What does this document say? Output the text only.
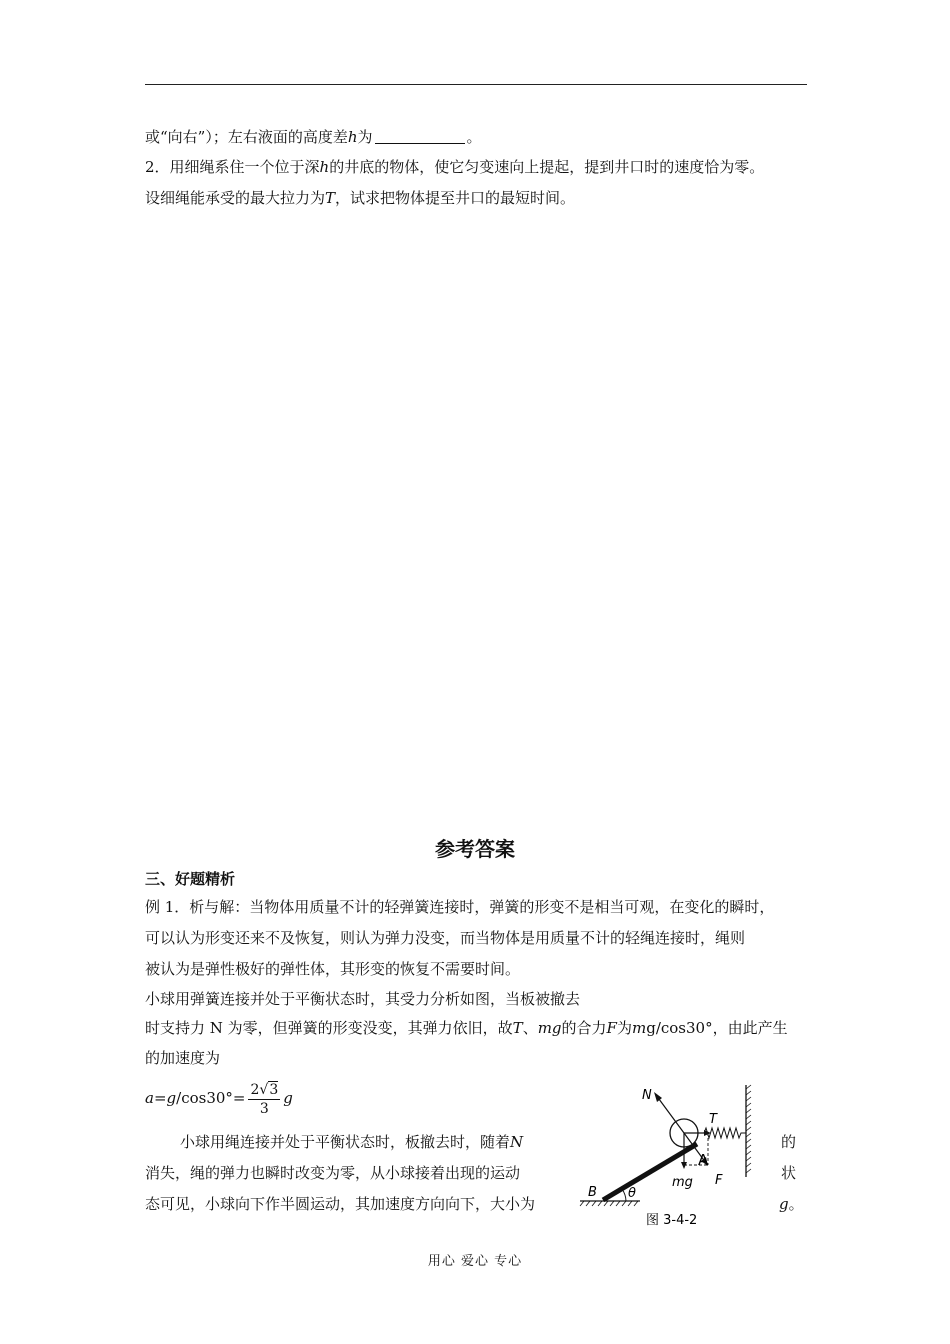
或“向右”）；左右液面的高度差h为	。
2．用细绳系住一个位于深h的井底的物体，使它匀变速向上提起，提到井口时的速度恰为零。
设细绳能承受的最大拉力为T，试求把物体提至井口的最短时间。
参考答案
三、好题精析
例 1．析与解：当物体用质量不计的轻弹簧连接时，弹簧的形变不是相当可观，在变化的瞬时，
可以认为形变还来不及恢复，则认为弹力没变，而当物体是用质量不计的轻绳连接时，绳则
被认为是弹性极好的弹性体，其形变的恢复不需要时间。
小球用弹簧连接并处于平衡状态时，其受力分析如图，当板被撤去
时支持力 N 为零，但弹簧的形变没变，其弹力依旧，故T、mg的合力F为mg/cos30°，由此产生
的加速度为
$a=g/\cos 30^\circ= \frac{2√3}{3}$ g
小球用绳连接并处于平衡状态时，板撤去时，随着N	的
消失，绳的弹力也瞬时改变为零，从小球接着出现的运动	状
态可见，小球向下作半圆运动，其加速度方向向下，大小为	g。
N
T
A
mg F
B θ
图 3-4-2
用心 爱心 专心
